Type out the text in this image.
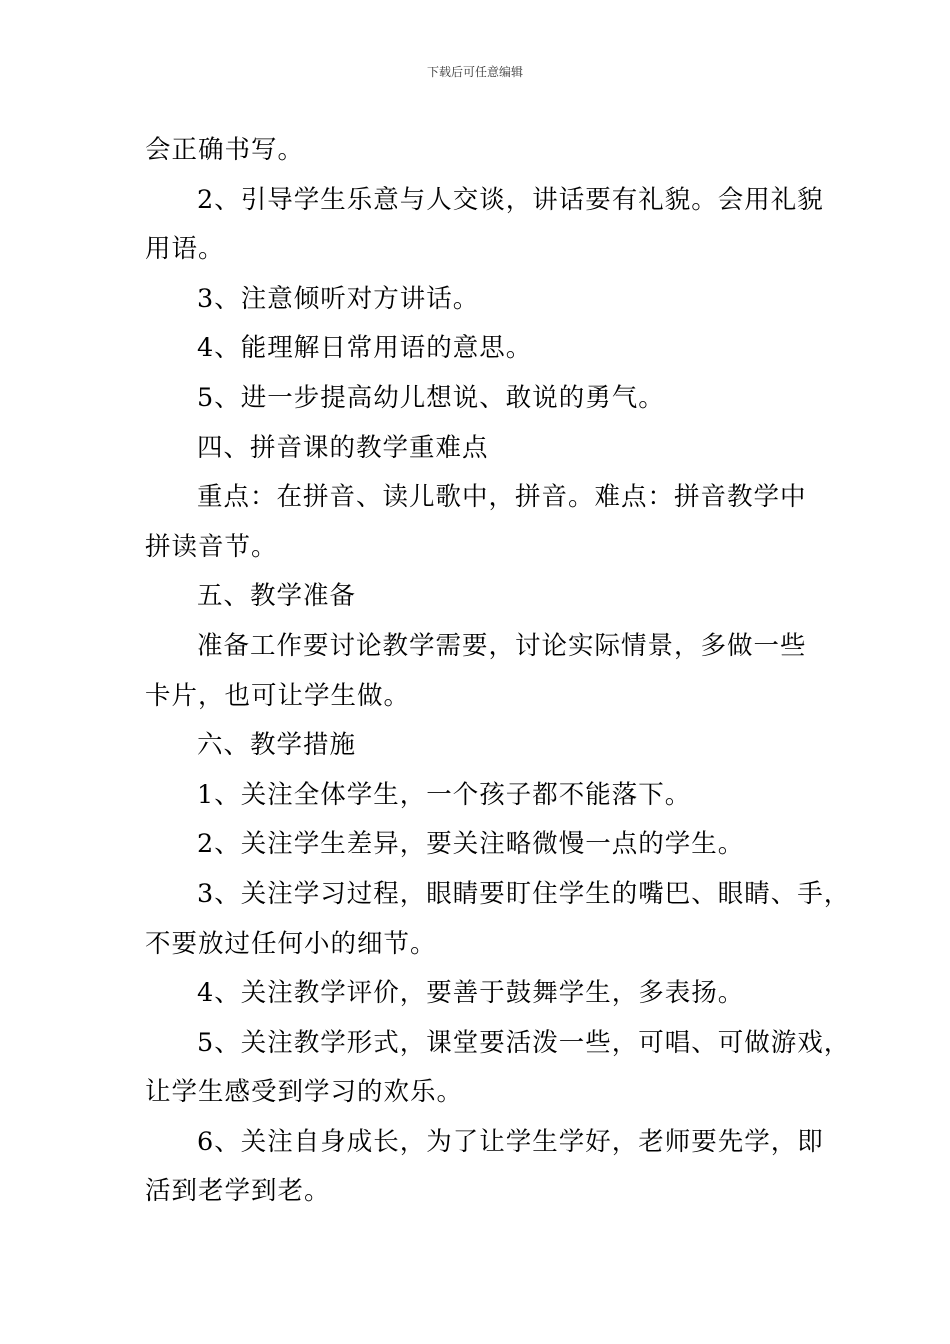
下载后可任意编辑

会正确书写。

2、引导学生乐意与人交谈，讲话要有礼貌。会用礼貌

用语。

3、注意倾听对方讲话。

4、能理解日常用语的意思。

5、进一步提高幼儿想说、敢说的勇气。

四、拼音课的教学重难点

重点：在拼音、读儿歌中，拼音。难点：拼音教学中

拼读音节。

五、教学准备

准备工作要讨论教学需要，讨论实际情景，多做一些

卡片，也可让学生做。

六、教学措施

1、关注全体学生，一个孩子都不能落下。

2、关注学生差异，要关注略微慢一点的学生。

3、关注学习过程，眼睛要盯住学生的嘴巴、眼睛、手，

不要放过任何小的细节。

4、关注教学评价，要善于鼓舞学生，多表扬。

5、关注教学形式，课堂要活泼一些，可唱、可做游戏，

让学生感受到学习的欢乐。

6、关注自身成长，为了让学生学好，老师要先学，即

活到老学到老。
